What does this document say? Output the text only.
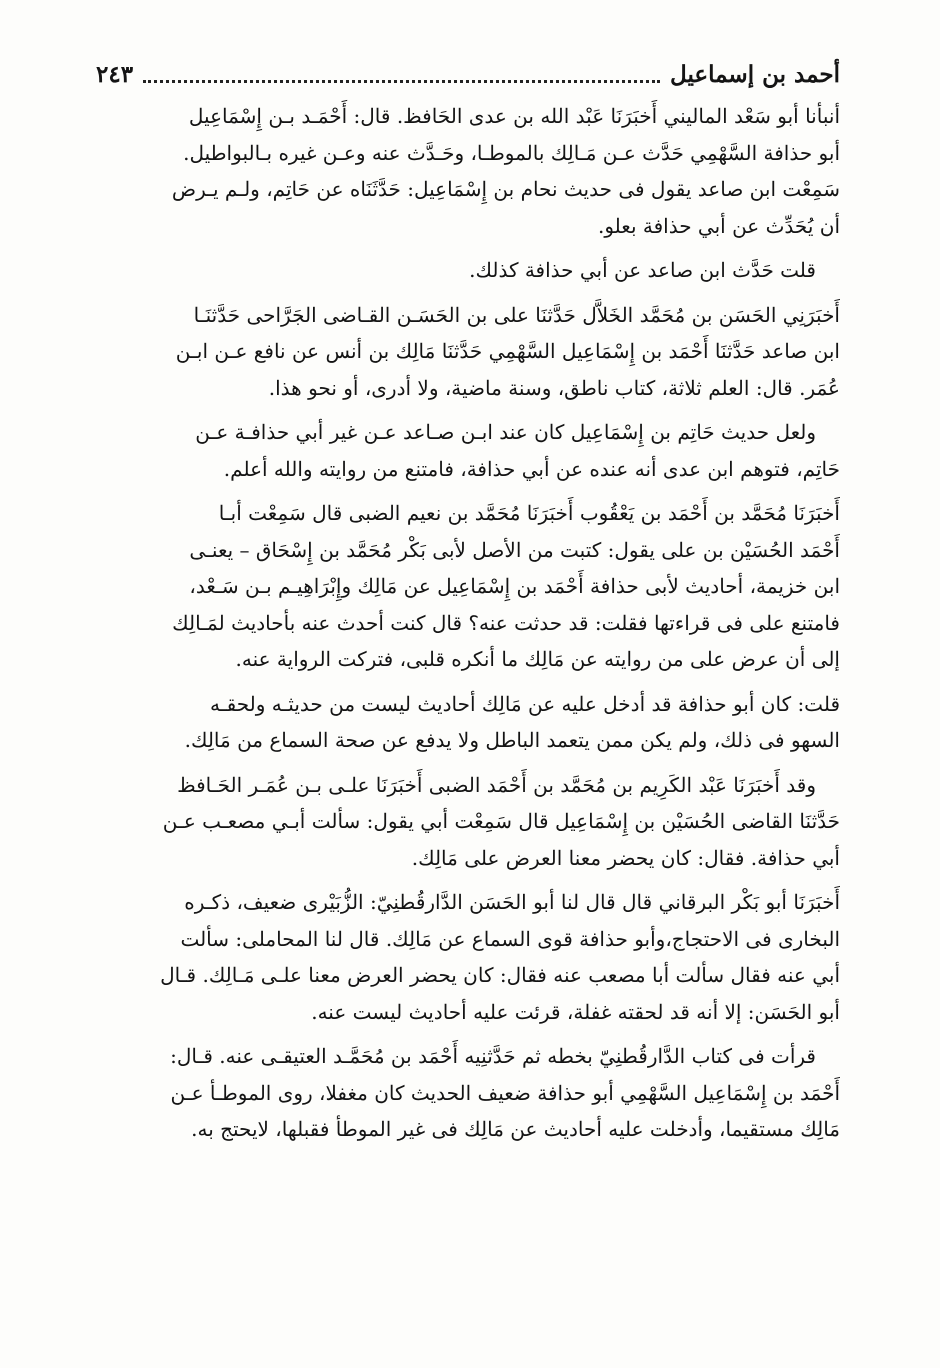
أحمد بن إسماعيل
٢٤٣

أنبأنا أبو سَعْد الماليني أَخبَرَنَا عَبْد الله بن عدى الحَافظ. قال: أَحْمَـد بـن إِسْمَاعِيل
أبو حذافة السَّهْمِي حَدَّث عـن مَـالِك بالموطـا، وحَـدَّث عنه وعـن غيره بـالبواطيل.
سَمِعْت ابن صاعد يقول فى حديث نحام بن إِسْمَاعِيل: حَدَّثَنَاه عن حَاتِم، ولـم يـرض
أن يُحَدِّث عن أبي حذافة بعلو.

قلت حَدَّث ابن صاعد عن أبي حذافة كذلك.

أَخبَرَنِي الحَسَن بن مُحَمَّد الخَلاَّل حَدَّثنَا على بن الحَسَـن القـاضى الجَرَّاحى حَدَّثنَـا
ابن صاعد حَدَّثنَا أَحْمَد بن إِسْمَاعِيل السَّهْمِي حَدَّثنَا مَالِك بن أنس عن نافع عـن ابـن
عُمَر. قال: العلم ثلاثة، كتاب ناطق، وسنة ماضية، ولا أدرى، أو نحو هذا.

ولعل حديث حَاتِم بن إِسْمَاعِيل كان عند ابـن صـاعد عـن غير أبي حذافـة عـن
حَاتِم، فتوهم ابن عدى أنه عنده عن أبي حذافة، فامتنع من روايته والله أعلم.

أَخبَرَنَا مُحَمَّد بن أَحْمَد بن يَعْقُوب أَخبَرَنَا مُحَمَّد بن نعيم الضبى قال سَمِعْت أبـا
أَحْمَد الحُسَيْن بن على يقول: كتبت من الأصل لأبى بَكْر مُحَمَّد بن إِسْحَاق – يعنـى
ابن خزيمة، أحاديث لأبى حذافة أَحْمَد بن إِسْمَاعِيل عن مَالِك وإِبْرَاهِيـم بـن سَـعْد،
فامتنع على فى قراءتها فقلت: قد حدثت عنه؟ قال كنت أحدث عنه بأحاديث لمَـالِك
إلى أن عرض على من روايته عن مَالِك ما أنكره قلبى، فتركت الرواية عنه.

قلت: كان أبو حذافة قد أدخل عليه عن مَالِك أحاديث ليست من حديثـه ولحقـه
السهو فى ذلك، ولم يكن ممن يتعمد الباطل ولا يدفع عن صحة السماع من مَالِك.

وقد أَخبَرَنَا عَبْد الكَرِيم بن مُحَمَّد بن أَحْمَد الضبى أَخبَرَنَا علـى بـن عُمَـر الحَـافظ
حَدَّثنَا القاضى الحُسَيْن بن إِسْمَاعِيل قال سَمِعْت أبي يقول: سألت أبـي مصعـب عـن
أبي حذافة. فقال: كان يحضر معنا العرض على مَالِك.

أَخبَرَنَا أبو بَكْر البرقاني قال قال لنا أبو الحَسَن الدَّارقُطنِيّ: الزُّبَيْرى ضعيف، ذكـره
البخارى فى الاحتجاج،وأبو حذافة قوى السماع عن مَالِك. قال لنا المحاملى: سألت
أبي عنه فقال سألت أبا مصعب عنه فقال: كان يحضر العرض معنا علـى مَـالِك. قـال
أبو الحَسَن: إلا أنه قد لحقته غفلة، قرئت عليه أحاديث ليست عنه.

قرأت فى كتاب الدَّارقُطنِيّ بخطه ثم حَدَّثنِيه أَحْمَد بن مُحَمَّـد العتيقـى عنه. قـال:
أَحْمَد بن إِسْمَاعِيل السَّهْمِي أبو حذافة ضعيف الحديث كان مغفلا، روى الموطـأ عـن
مَالِك مستقيما، وأدخلت عليه أحاديث عن مَالِك فى غير الموطأ فقبلها، لايحتج به.
